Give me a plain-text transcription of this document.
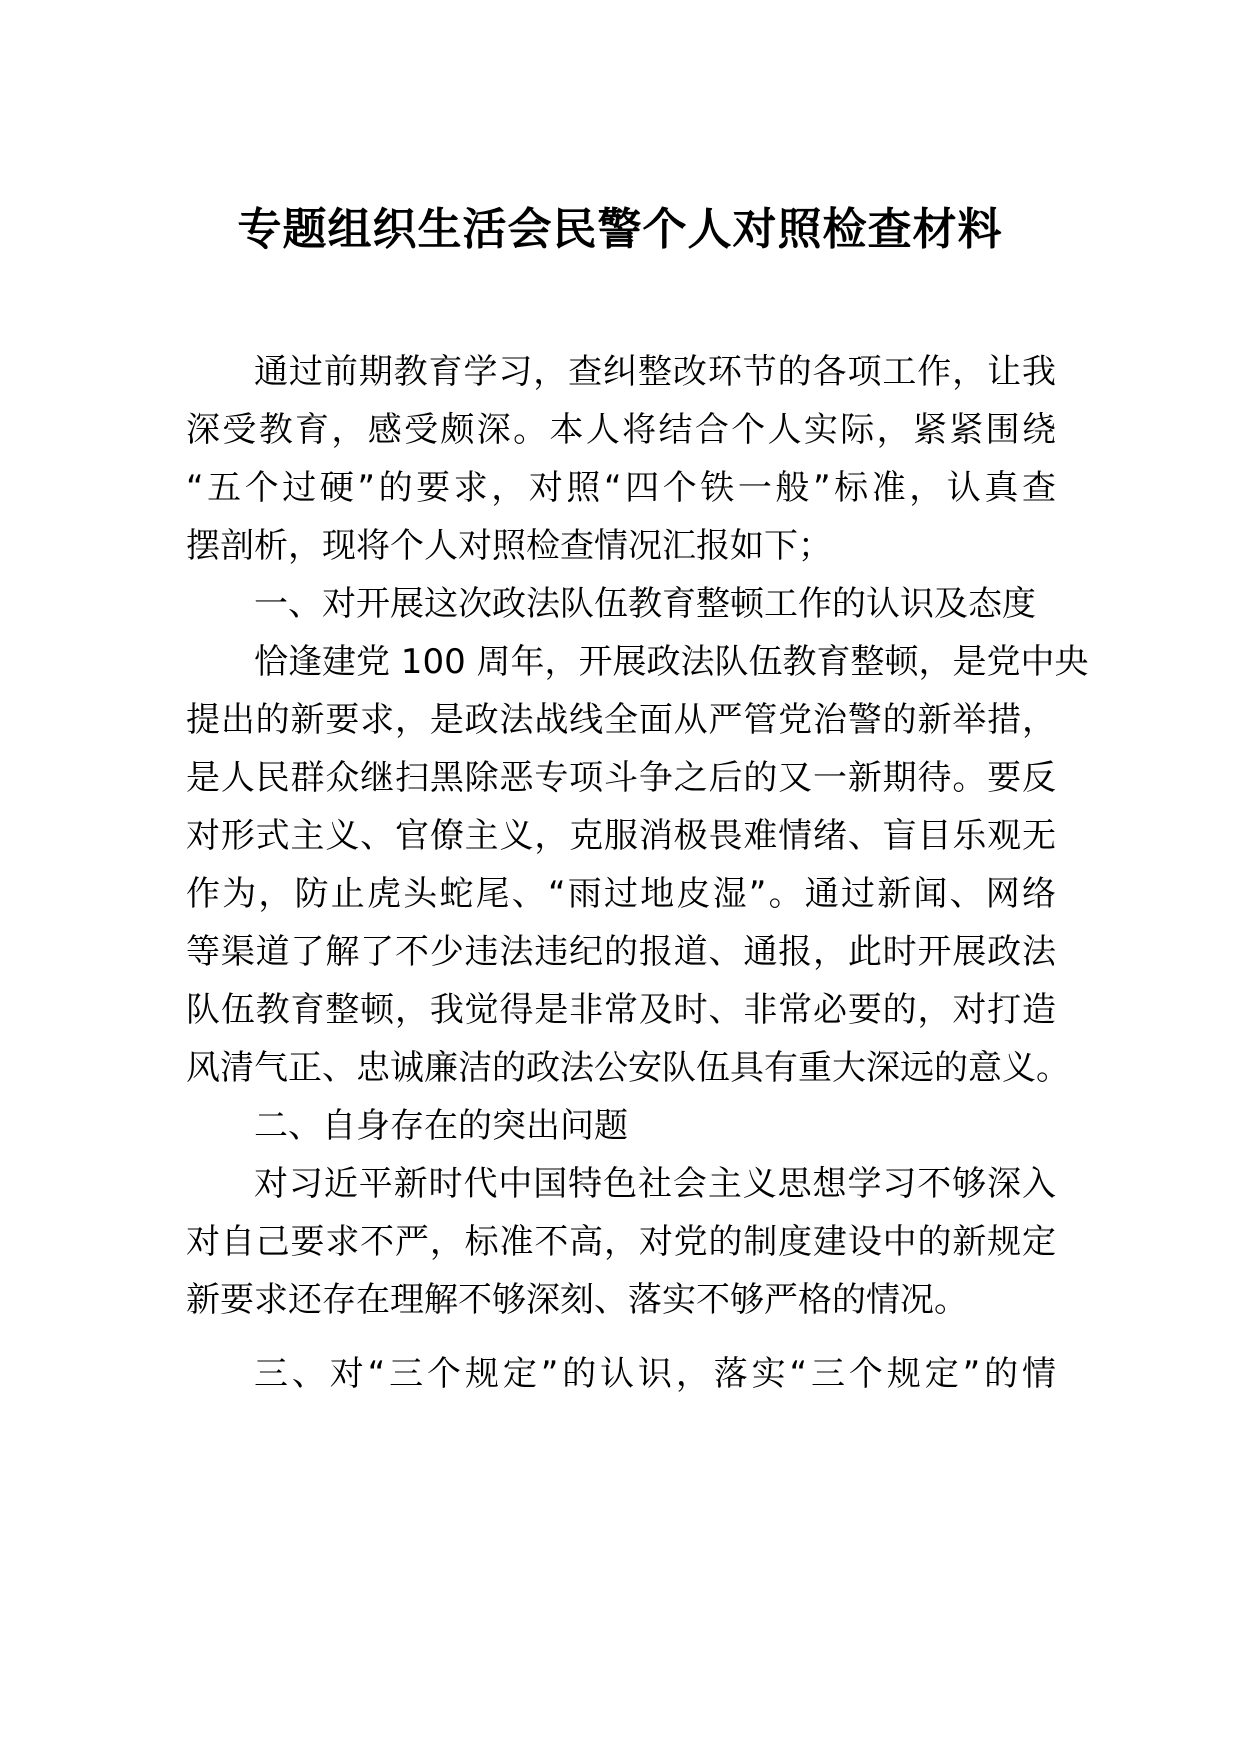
专题组织生活会民警个人对照检查材料
通过前期教育学习，查纠整改环节的各项工作，让我
深受教育，感受颇深。本人将结合个人实际，紧紧围绕
“五个过硬”的要求，对照“四个铁一般”标准，认真查
摆剖析，现将个人对照检查情况汇报如下；
一、对开展这次政法队伍教育整顿工作的认识及态度
恰逢建党 100 周年，开展政法队伍教育整顿，是党中央
提出的新要求，是政法战线全面从严管党治警的新举措，
是人民群众继扫黑除恶专项斗争之后的又一新期待。要反
对形式主义、官僚主义，克服消极畏难情绪、盲目乐观无
作为，防止虎头蛇尾、“雨过地皮湿”。通过新闻、网络
等渠道了解了不少违法违纪的报道、通报，此时开展政法
队伍教育整顿，我觉得是非常及时、非常必要的，对打造
风清气正、忠诚廉洁的政法公安队伍具有重大深远的意义。
二、自身存在的突出问题
对习近平新时代中国特色社会主义思想学习不够深入
对自己要求不严，标准不高，对党的制度建设中的新规定
新要求还存在理解不够深刻、落实不够严格的情况。
三、对“三个规定”的认识，落实“三个规定”的情
